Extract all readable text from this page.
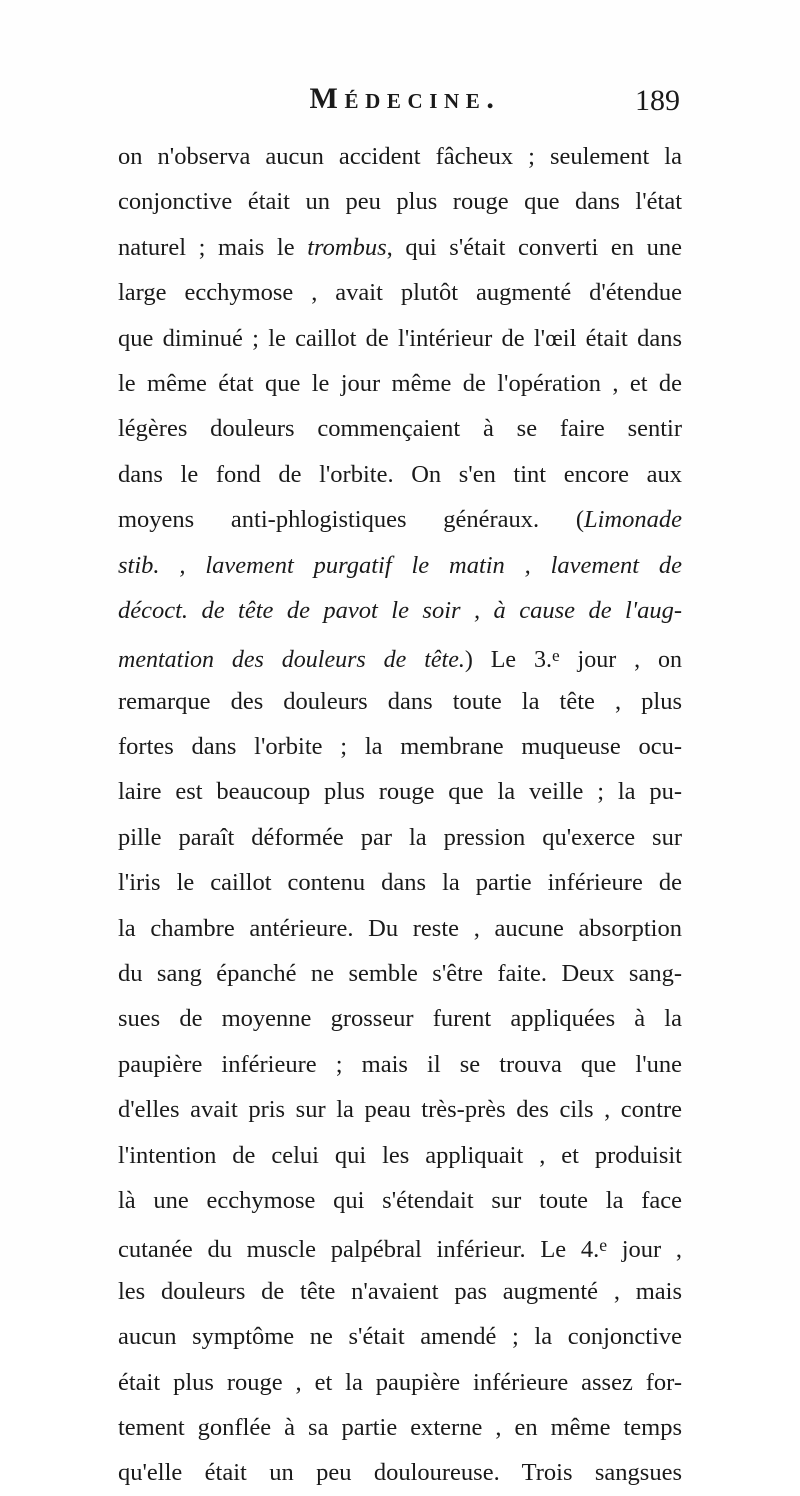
Médecine.	189
on n'observa aucun accident fâcheux ; seulement la
conjonctive était un peu plus rouge que dans l'état
naturel ; mais le trombus, qui s'était converti en une
large ecchymose , avait plutôt augmenté d'étendue
que diminué ; le caillot de l'intérieur de l'œil était dans
le même état que le jour même de l'opération , et de
légères douleurs commençaient à se faire sentir
dans le fond de l'orbite. On s'en tint encore aux
moyens anti-phlogistiques généraux. (Limonade
stib. , lavement purgatif le matin , lavement de
décoct. de tête de pavot le soir , à cause de l'aug-
mentation des douleurs de tête.) Le 3.$^e$ jour , on
remarque des douleurs dans toute la tête , plus
fortes dans l'orbite ; la membrane muqueuse ocu-
laire est beaucoup plus rouge que la veille ; la pu-
pille paraît déformée par la pression qu'exerce sur
l'iris le caillot contenu dans la partie inférieure de
la chambre antérieure. Du reste , aucune absorption
du sang épanché ne semble s'être faite. Deux sang-
sues de moyenne grosseur furent appliquées à la
paupière inférieure ; mais il se trouva que l'une
d'elles avait pris sur la peau très-près des cils , contre
l'intention de celui qui les appliquait , et produisit
là une ecchymose qui s'étendait sur toute la face
cutanée du muscle palpébral inférieur. Le 4.$^e$ jour ,
les douleurs de tête n'avaient pas augmenté , mais
aucun symptôme ne s'était amendé ; la conjonctive
était plus rouge , et la paupière inférieure assez for-
tement gonflée à sa partie externe , en même temps
qu'elle était un peu douloureuse. Trois sangsues
